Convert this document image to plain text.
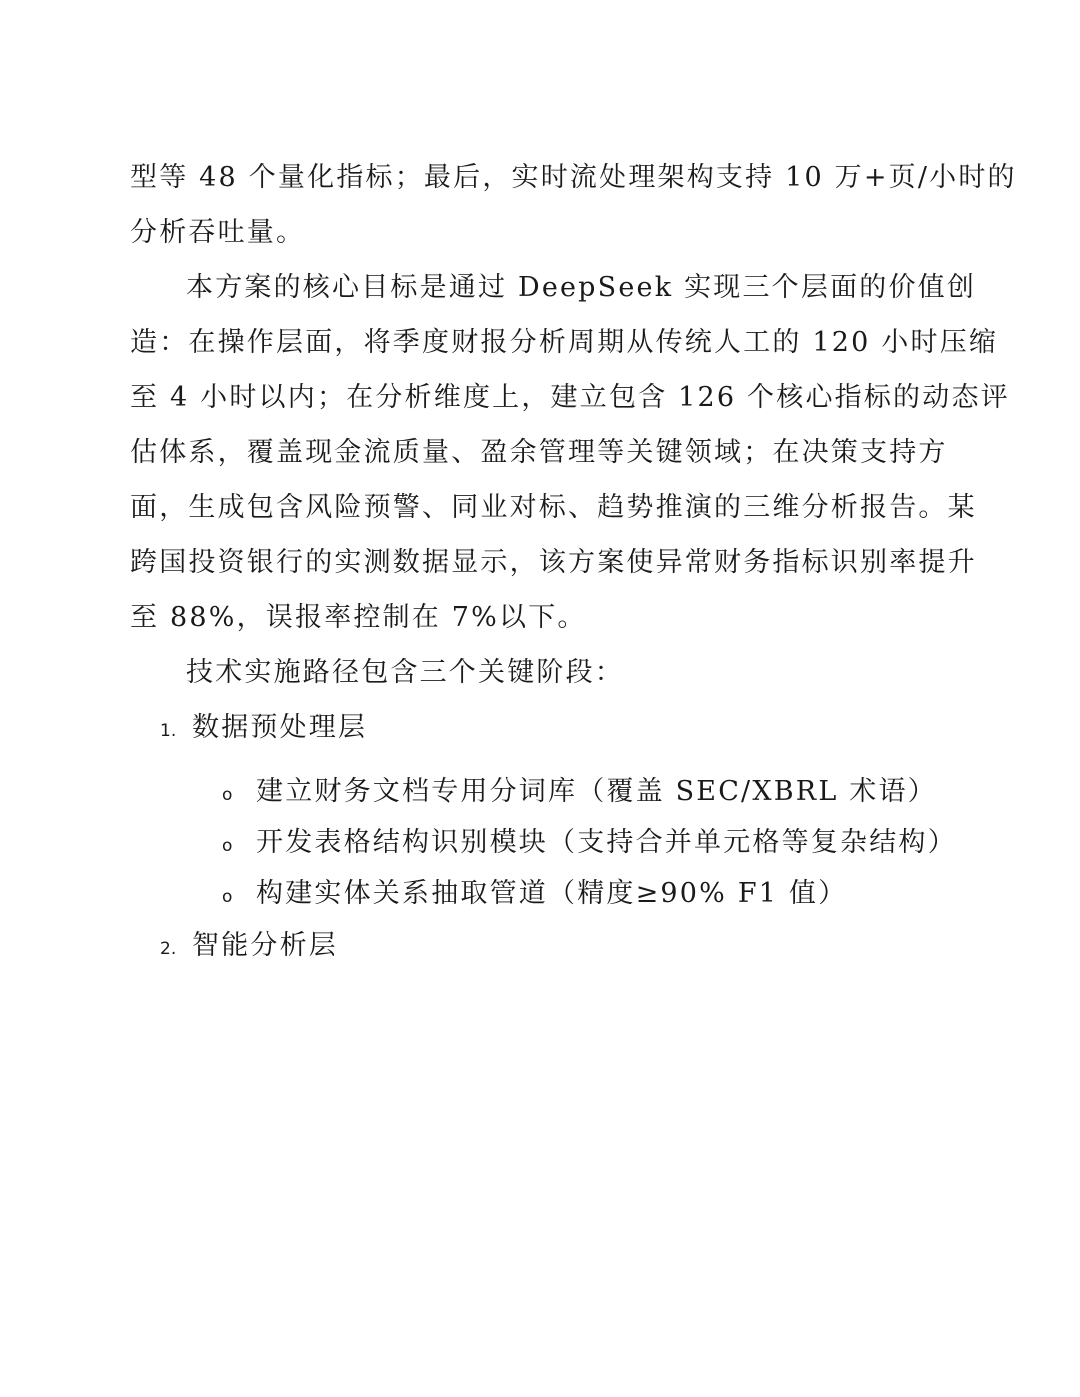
型等 48 个量化指标；最后，实时流处理架构支持 10 万+页/小时的
分析吞吐量。
本方案的核心目标是通过 DeepSeek 实现三个层面的价值创
造：在操作层面，将季度财报分析周期从传统人工的 120 小时压缩
至 4 小时以内；在分析维度上，建立包含 126 个核心指标的动态评
估体系，覆盖现金流质量、盈余管理等关键领域；在决策支持方
面，生成包含风险预警、同业对标、趋势推演的三维分析报告。某
跨国投资银行的实测数据显示，该方案使异常财务指标识别率提升
至 88%，误报率控制在 7%以下。
技术实施路径包含三个关键阶段：
1. 数据预处理层
o 建立财务文档专用分词库（覆盖 SEC/XBRL 术语）
o 开发表格结构识别模块（支持合并单元格等复杂结构）
o 构建实体关系抽取管道（精度≥90% F1 值）
2. 智能分析层
